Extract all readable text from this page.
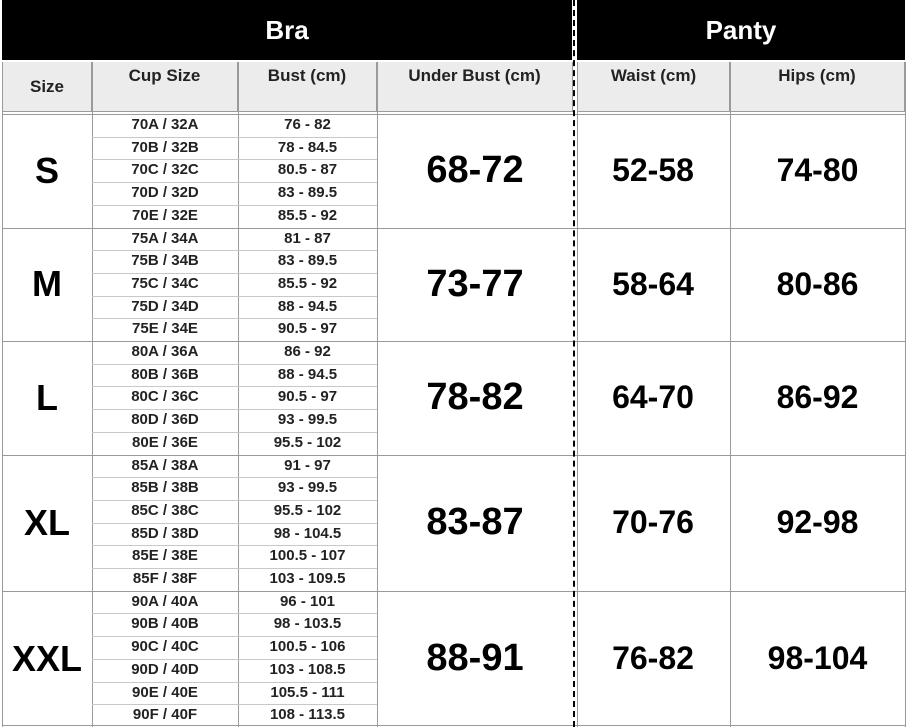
Bra	Panty
Size
Cup Size	Bust (cm)	Under Bust (cm)	Waist (cm)	Hips (cm)
S	68-72	52-58	74-80
70A / 32A	76 - 82
70B / 32B	78 - 84.5
70C / 32C	80.5 - 87
70D / 32D	83 - 89.5
70E / 32E	85.5 - 92
M	73-77	58-64	80-86
75A / 34A	81 - 87
75B / 34B	83 - 89.5
75C / 34C	85.5 - 92
75D / 34D	88 - 94.5
75E / 34E	90.5 - 97
L	78-82	64-70	86-92
80A / 36A	86 - 92
80B / 36B	88 - 94.5
80C / 36C	90.5 - 97
80D / 36D	93 - 99.5
80E / 36E	95.5 - 102
XL	83-87	70-76	92-98
85A / 38A	91 - 97
85B / 38B	93 - 99.5
85C / 38C	95.5 - 102
85D / 38D	98 - 104.5
85E / 38E	100.5 - 107
85F / 38F	103 - 109.5
XXL	88-91	76-82	98-104
90A / 40A	96 - 101
90B / 40B	98 - 103.5
90C / 40C	100.5 - 106
90D / 40D	103 - 108.5
90E / 40E	105.5 - 111
90F / 40F	108 - 113.5
